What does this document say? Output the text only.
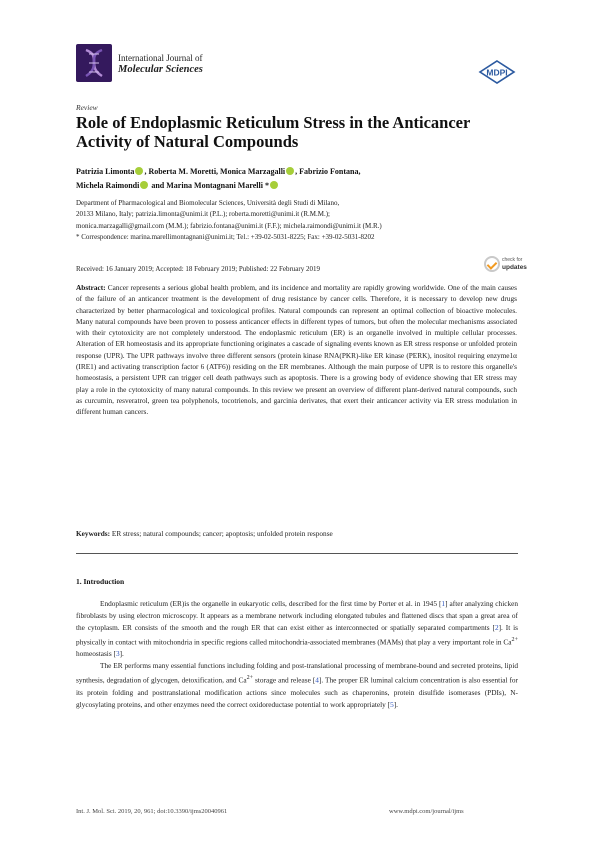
International Journal of
Molecular Sciences	MDPI
Review
Role of Endoplasmic Reticulum Stress in the Anticancer Activity of Natural Compounds
Patrizia Limonta , Roberta M. Moretti, Monica Marzagalli , Fabrizio Fontana,
Michela Raimondi and Marina Montagnani Marelli *

Department of Pharmacological and Biomolecular Sciences, Università degli Studi di Milano,

20133 Milano, Italy; patrizia.limonta@unimi.it (P.L.); roberta.moretti@unimi.it (R.M.M.);

monica.marzagalli@gmail.com (M.M.); fabrizio.fontana@unimi.it (F.F.); michela.raimondi@unimi.it (M.R.)

* Correspondence: marina.marellimontagnani@unimi.it; Tel.: +39-02-5031-8225; Fax: +39-02-5031-8202

Received: 16 January 2019; Accepted: 18 February 2019; Published: 22 February 2019
check for
updates
Abstract: Cancer represents a serious global health problem, and its incidence and mortality are rapidly growing worldwide. One of the main causes of the failure of an anticancer treatment is the development of drug resistance by cancer cells. Therefore, it is necessary to develop new drugs characterized by better pharmacological and toxicological profiles. Natural compounds can represent an optimal collection of bioactive molecules. Many natural compounds have been proven to possess anticancer effects in different types of tumors, but often the molecular mechanisms associated with their cytotoxicity are not completely understood. The endoplasmic reticulum (ER) is an organelle involved in multiple cellular processes. Alteration of ER homeostasis and its appropriate functioning originates a cascade of signaling events known as ER stress response or unfolded protein response (UPR). The UPR pathways involve three different sensors (protein kinase RNA(PKR)-like ER kinase (PERK), inositol requiring enzyme1α (IRE1) and activating transcription factor 6 (ATF6)) residing on the ER membranes. Although the main purpose of UPR is to restore this organelle's homeostasis, a persistent UPR can trigger cell death pathways such as apoptosis. There is a growing body of evidence showing that ER stress may play a role in the cytotoxicity of many natural compounds. In this review we present an overview of different plant-derived natural compounds, such as curcumin, resveratrol, green tea polyphenols, tocotrienols, and garcinia derivates, that exert their anticancer activity via ER stress modulation in different human cancers.
Keywords: ER stress; natural compounds; cancer; apoptosis; unfolded protein response
1. Introduction

Endoplasmic reticulum (ER)is the organelle in eukaryotic cells, described for the first time by Porter et al. in 1945 [1] after analyzing chicken fibroblasts by using electron microscopy. It appears as a membrane network including elongated tubules and flattened discs that span a great area of the cytoplasm. ER consists of the smooth and the rough ER that can exist either as interconnected or spatially separated compartments [2]. It is physically in contact with mitochondria in specific regions called mitochondria-associated membranes (MAMs) that play a very important role in $Ca^{2+}$ homeostasis [3].

The ER performs many essential functions including folding and post-translational processing of membrane-bound and secreted proteins, lipid synthesis, degradation of glycogen, detoxification, and $Ca^{2+}$ storage and release [4]. The proper ER luminal calcium concentration is also essential for its protein folding and posttranslational modification actions since molecules such as chaperonins, protein disulfide isomerases (PDIs), N-glycosylating proteins, and other enzymes need the correct oxidoreductase potential to work appropriately [5].

Int. J. Mol. Sci. 2019, 20, 961; doi:10.3390/ijms20040961	www.mdpi.com/journal/ijms
